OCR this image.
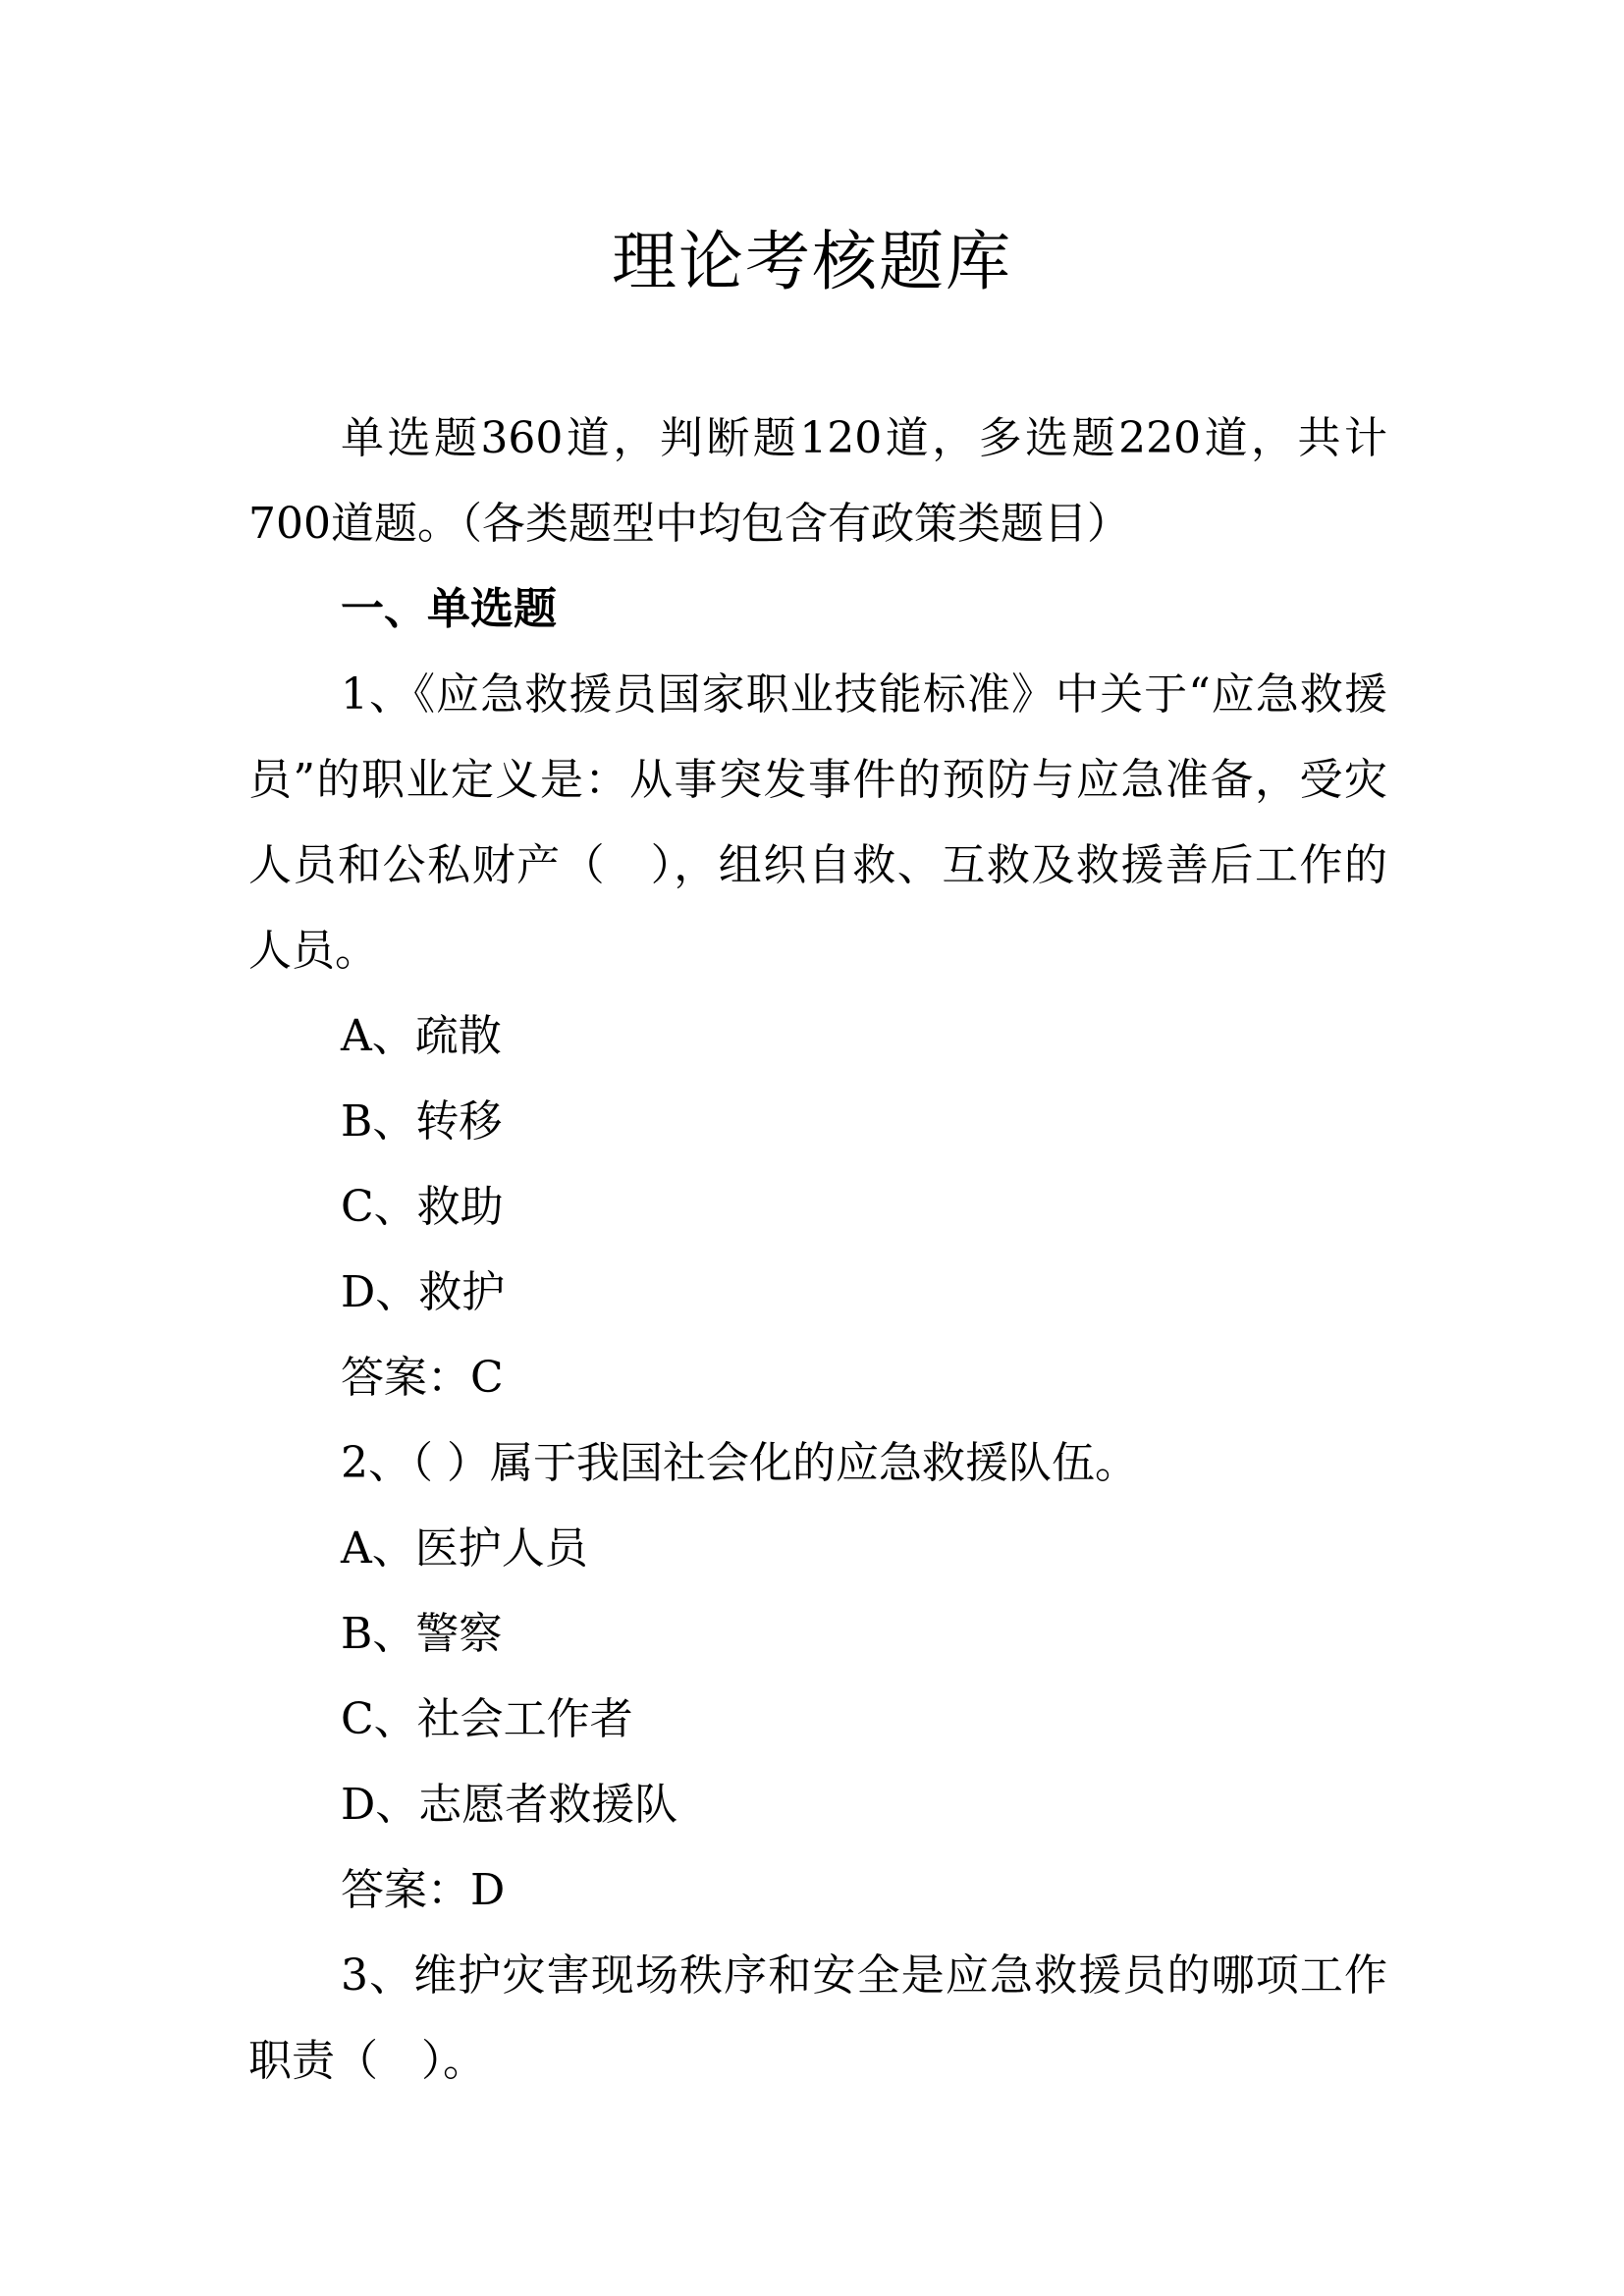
理论考核题库

单选题360道，判断题120道，多选题220道，共计700道题。（各类题型中均包含有政策类题目）

一、单选题

1、《应急救援员国家职业技能标准》中关于“应急救援员”的职业定义是：从事突发事件的预防与应急准备，受灾人员和公私财产（　），组织自救、互救及救援善后工作的人员。

A、疏散

B、转移

C、救助

D、救护

答案：C

2、（ ）属于我国社会化的应急救援队伍。

A、医护人员

B、警察

C、社会工作者

D、志愿者救援队

答案：D

3、维护灾害现场秩序和安全是应急救援员的哪项工作职责（　）。
